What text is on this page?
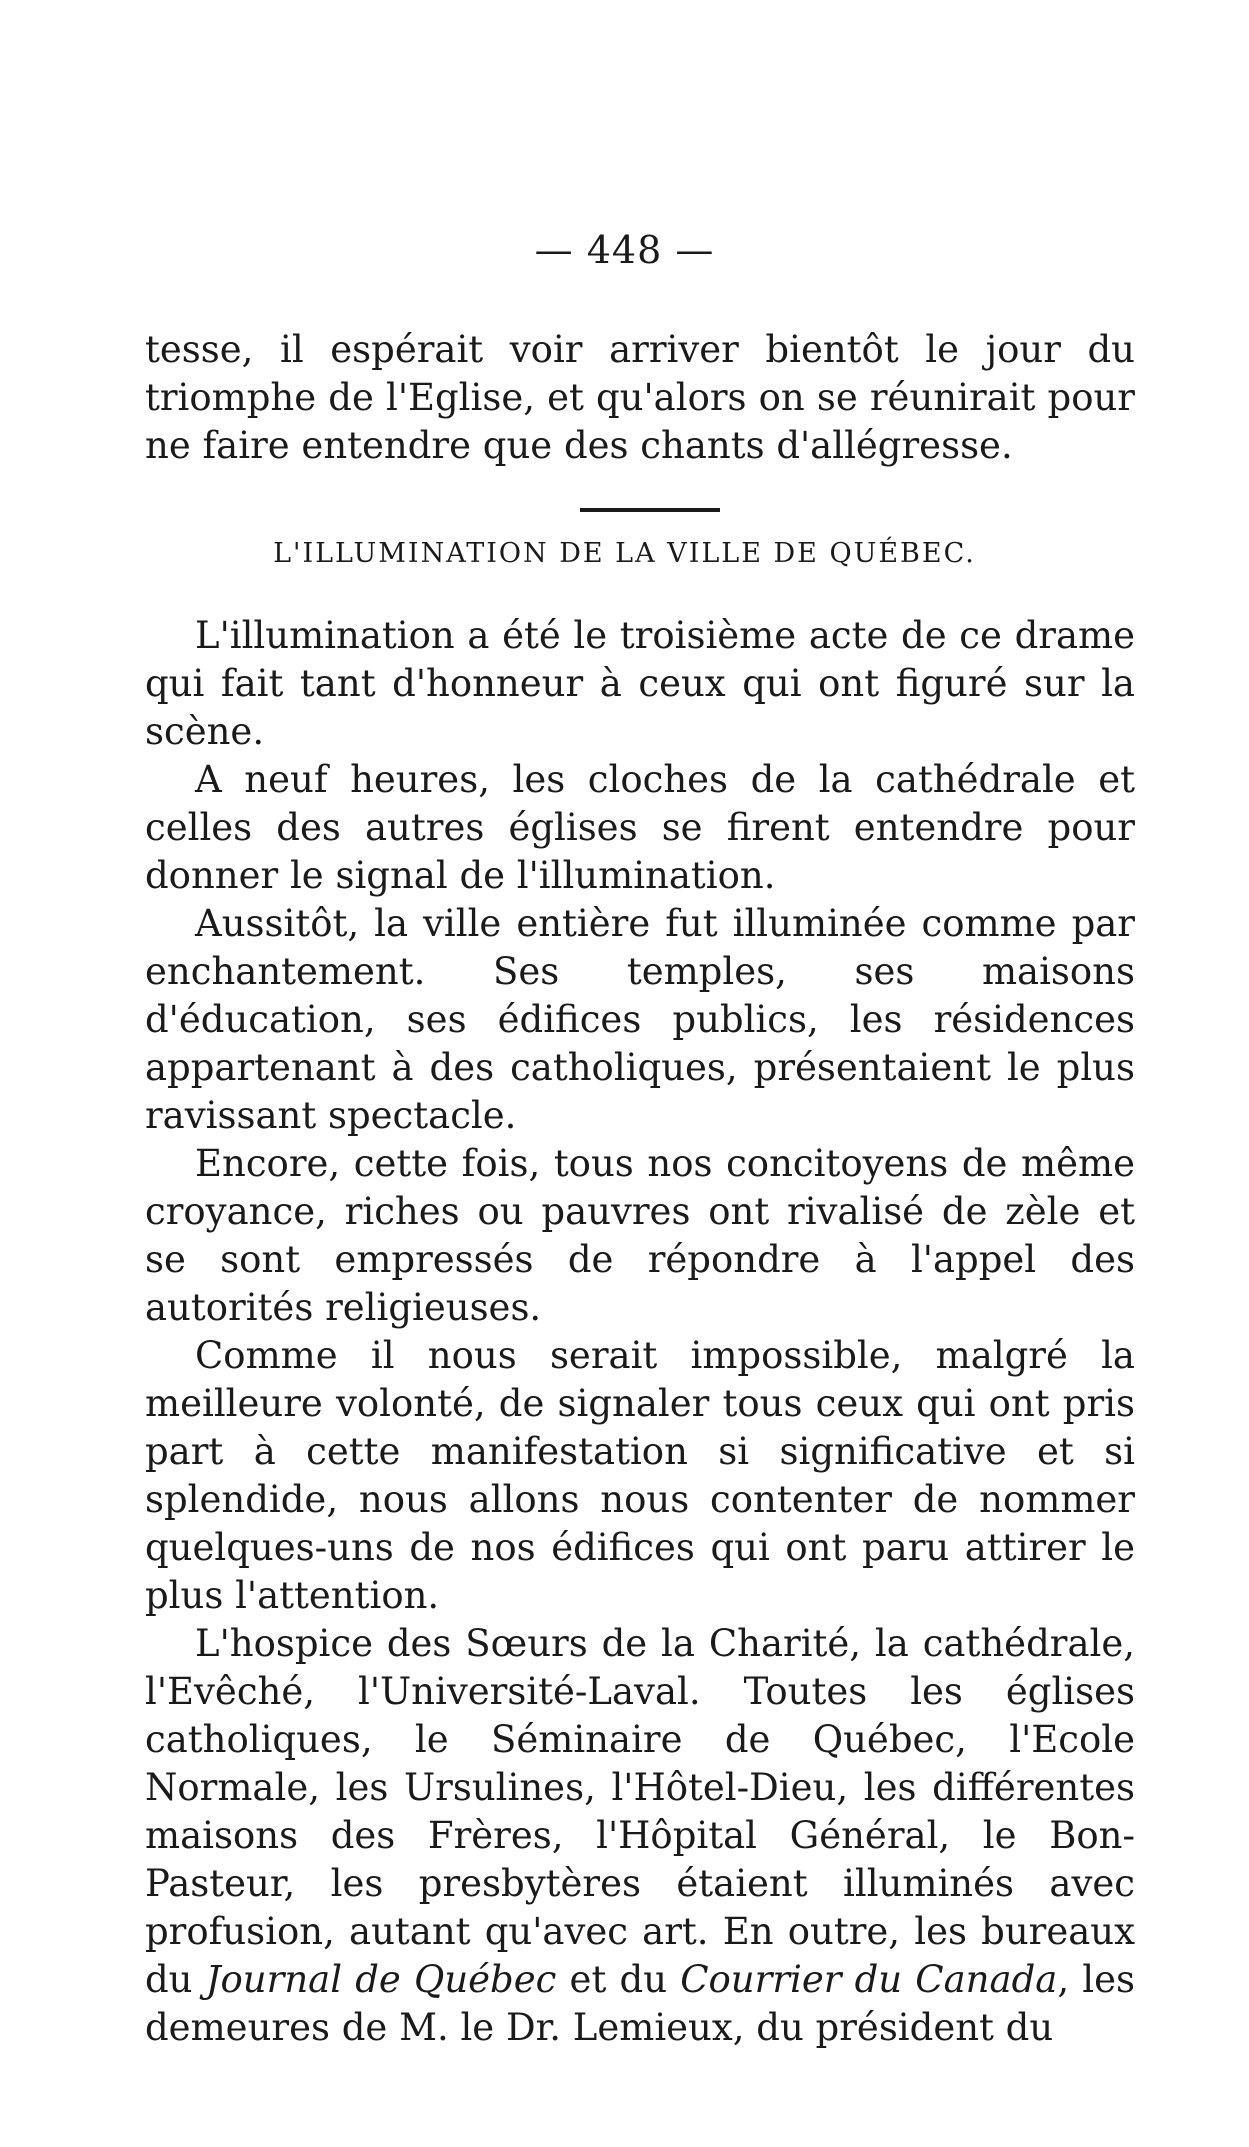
— 448 —
tesse, il espérait voir arriver bientôt le jour du triomphe de l'Eglise, et qu'alors on se réunirait pour ne faire entendre que des chants d'allégresse.
L'ILLUMINATION DE LA VILLE DE QUÉBEC.

L'illumination a été le troisième acte de ce drame qui fait tant d'honneur à ceux qui ont figuré sur la scène.

A neuf heures, les cloches de la cathédrale et celles des autres églises se firent entendre pour donner le signal de l'illumination.

Aussitôt, la ville entière fut illuminée comme par enchantement. Ses temples, ses maisons d'éducation, ses édifices publics, les résidences appartenant à des catholiques, présentaient le plus ravissant spectacle.

Encore, cette fois, tous nos concitoyens de même croyance, riches ou pauvres ont rivalisé de zèle et se sont empressés de répondre à l'appel des autorités religieuses.

Comme il nous serait impossible, malgré la meilleure volonté, de signaler tous ceux qui ont pris part à cette manifestation si significative et si splendide, nous allons nous contenter de nommer quelques-uns de nos édifices qui ont paru attirer le plus l'attention.

L'hospice des Sœurs de la Charité, la cathédrale, l'Evêché, l'Université-Laval. Toutes les églises catholiques, le Séminaire de Québec, l'Ecole Normale, les Ursulines, l'Hôtel-Dieu, les différentes maisons des Frères, l'Hôpital Général, le Bon-Pasteur, les presbytères étaient illuminés avec profusion, autant qu'avec art. En outre, les bureaux du Journal de Québec et du Courrier du Canada, les demeures de M. le Dr. Lemieux, du président du
